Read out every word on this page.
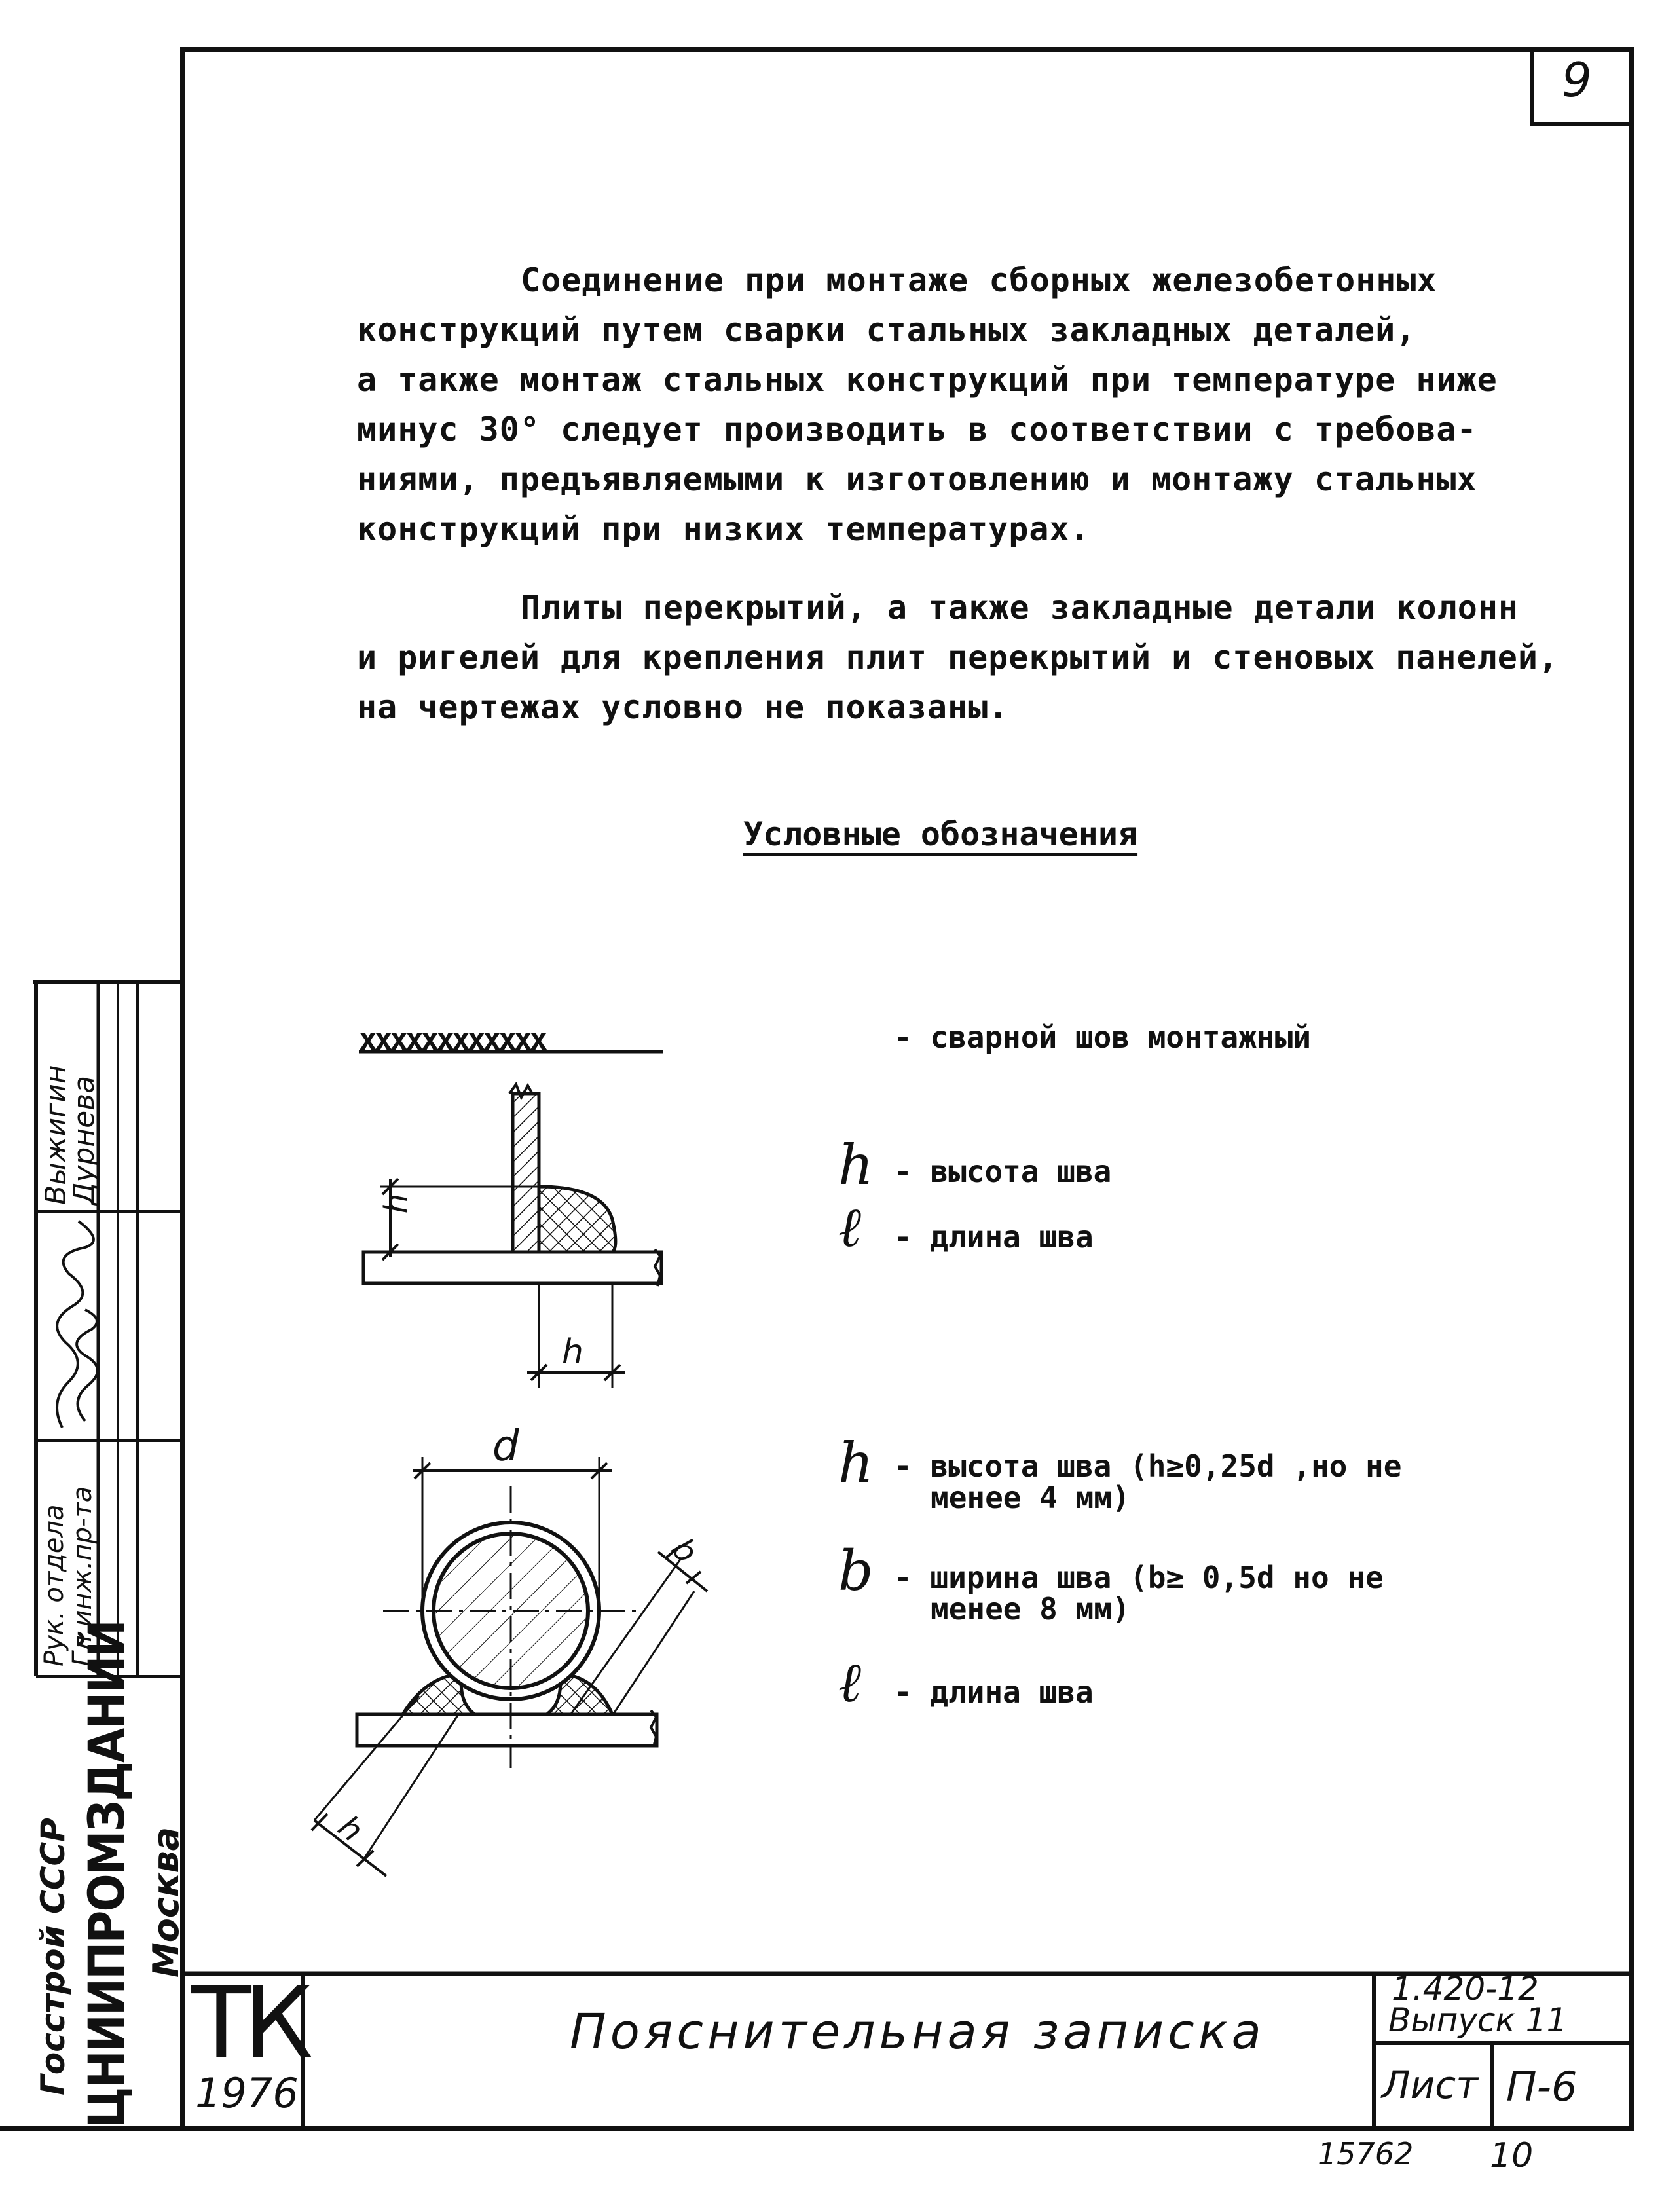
9
Соединение при монтаже сборных железобетонных
конструкций путем сварки стальных закладных деталей,
а также монтаж стальных конструкций при температуре ниже
минус 30° следует производить в соответствии с требова-
ниями, предъявляемыми к изготовлению и монтажу стальных
конструкций при низких температурах.
Плиты перекрытий, а также закладные детали колонн
и ригелей для крепления плит перекрытий и стеновых панелей,
на чертежах условно не показаны.
Условные обозначения
xxxxxxxxxxxx	- сварной шов монтажный
h - высота шва
ℓ - длина шва
h - высота шва (h≥0,25d ,но не
менее 4 мм)
b - ширина шва (b≥ 0,5d но не
менее 8 мм)
ℓ - длина шва
h
h
d
b
h
ТК
1976
Пояснительная записка
1.420-12
Выпуск 11
Лист П-6
Госстрой СССР ЦНИИПРОМЗДАНИЙ Москва
Рук. отдела
Гл.инж.пр-та
Выжигин
Дурнева
15762 10
